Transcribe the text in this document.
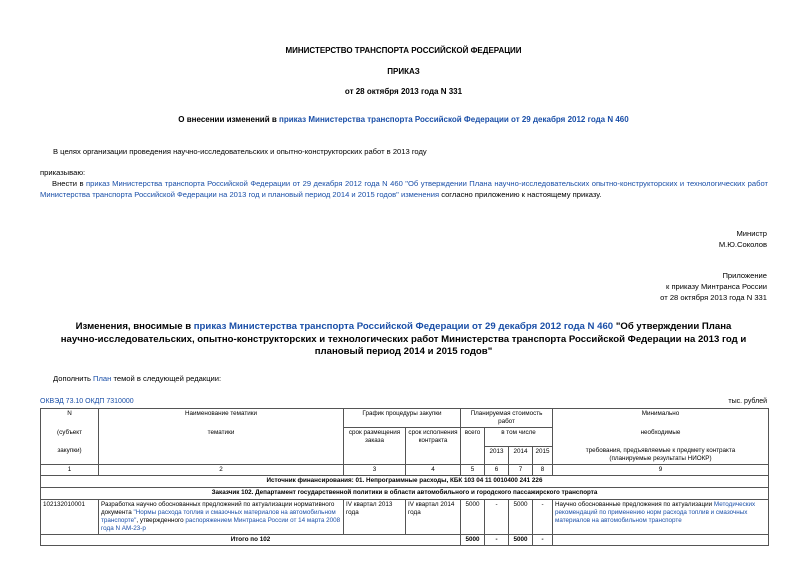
МИНИСТЕРСТВО ТРАНСПОРТА РОССИЙСКОЙ ФЕДЕРАЦИИ
ПРИКАЗ
от 28 октября 2013 года N 331
О внесении изменений в приказ Министерства транспорта Российской Федерации от 29 декабря 2012 года N 460
В целях организации проведения научно-исследовательских и опытно-конструкторских работ в 2013 году
приказываю:
Внести в приказ Министерства транспорта Российской Федерации от 29 декабря 2012 года N 460 "Об утверждении Плана научно-исследовательских опытно-конструкторских и технологических работ Министерства транспорта Российской Федерации на 2013 год и плановый период 2014 и 2015 годов" изменения согласно приложению к настоящему приказу.
Министр
М.Ю.Соколов
Приложение
к приказу Минтранса России
от 28 октября 2013 года N 331
Изменения, вносимые в приказ Министерства транспорта Российской Федерации от 29 декабря 2012 года N 460 "Об утверждении Плана научно-исследовательских, опытно-конструкторских и технологических работ Министерства транспорта Российской Федерации на 2013 год и плановый период 2014 и 2015 годов"
Дополнить План темой в следующей редакции:
ОКВЭД 73.10 ОКДП 7310000	тыс. рублей
N	Наименование тематики	График процедуры закупки		Планируемая стоимость работ				Минимально
(субъект	тематики	срок размещения заказа	срок исполнения контракта	всего	в том числе			необходимые
закупки)					2013	2014	2015	требования, предъявляемые к предмету контракта
(планируемые результаты НИОКР)

1	2	3	4	5	6	7	8	9
Источник финансирования: 01. Непрограммные расходы, КБК 103 04 11 0010400 241 226								
Заказчик 102. Департамент государственной политики в области автомобильного и городского пассажирского транспорта								
102132010001	Разработка научно обоснованных предложений по актуализации нормативного документа "Нормы расхода топлив и смазочных материалов на автомобильном транспорте", утвержденного распоряжением Минтранса России от 14 марта 2008 года N АМ-23-р	IV квартал 2013 года	IV квартал 2014 года	5000	-	5000	-	Научно обоснованные предложения по актуализации Методических рекомендаций по применению норм расхода топлив и смазочных материалов на автомобильном транспорте
Итого по 102				5000	-	5000	-	
